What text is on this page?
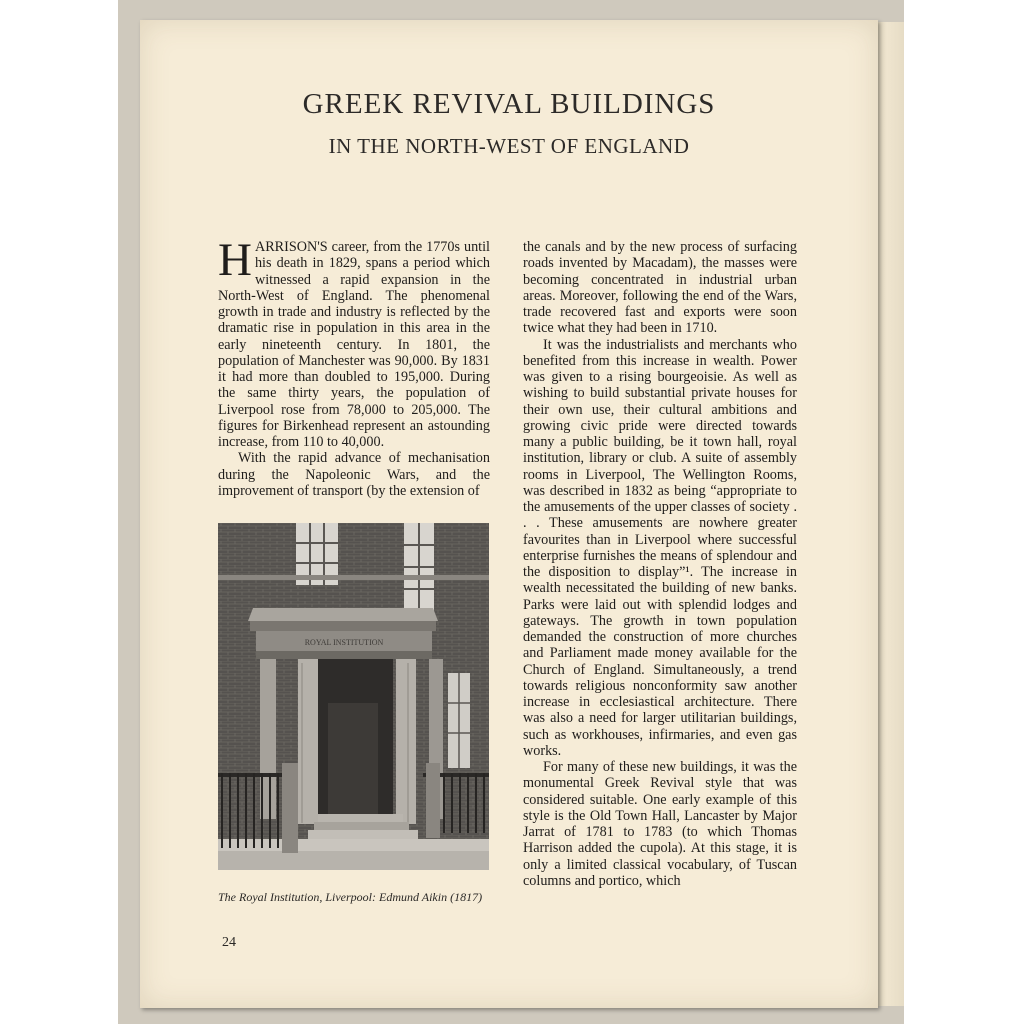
GREEK REVIVAL BUILDINGS
IN THE NORTH-WEST OF ENGLAND

HARRISON'S career, from the 1770s until his death in 1829, spans a period which witnessed a rapid expansion in the North-West of England. The phenomenal growth in trade and industry is reflected by the dramatic rise in population in this area in the early nineteenth century. In 1801, the population of Manchester was 90,000. By 1831 it had more than doubled to 195,000. During the same thirty years, the population of Liverpool rose from 78,000 to 205,000. The figures for Birkenhead represent an astounding increase, from 110 to 40,000.

With the rapid advance of mechanisation during the Napoleonic Wars, and the improvement of transport (by the extension of

ROYAL INSTITUTION
The Royal Institution, Liverpool: Edmund Aikin (1817)

the canals and by the new process of surfacing roads invented by Macadam), the masses were becoming concentrated in industrial urban areas. Moreover, following the end of the Wars, trade recovered fast and exports were soon twice what they had been in 1710.

It was the industrialists and merchants who benefited from this increase in wealth. Power was given to a rising bourgeoisie. As well as wishing to build substantial private houses for their own use, their cultural ambitions and growing civic pride were directed towards many a public building, be it town hall, royal institution, library or club. A suite of assembly rooms in Liverpool, The Wellington Rooms, was described in 1832 as being “appropriate to the amusements of the upper classes of society . . . These amusements are nowhere greater favourites than in Liverpool where successful enterprise furnishes the means of splendour and the disposition to display”¹. The increase in wealth necessitated the building of new banks. Parks were laid out with splendid lodges and gateways. The growth in town population demanded the construction of more churches and Parliament made money available for the Church of England. Simultaneously, a trend towards religious nonconformity saw another increase in ecclesiastical architecture. There was also a need for larger utilitarian buildings, such as workhouses, infirmaries, and even gas works.

For many of these new buildings, it was the monumental Greek Revival style that was considered suitable. One early example of this style is the Old Town Hall, Lancaster by Major Jarrat of 1781 to 1783 (to which Thomas Harrison added the cupola). At this stage, it is only a limited classical vocabulary, of Tuscan columns and portico, which

24
